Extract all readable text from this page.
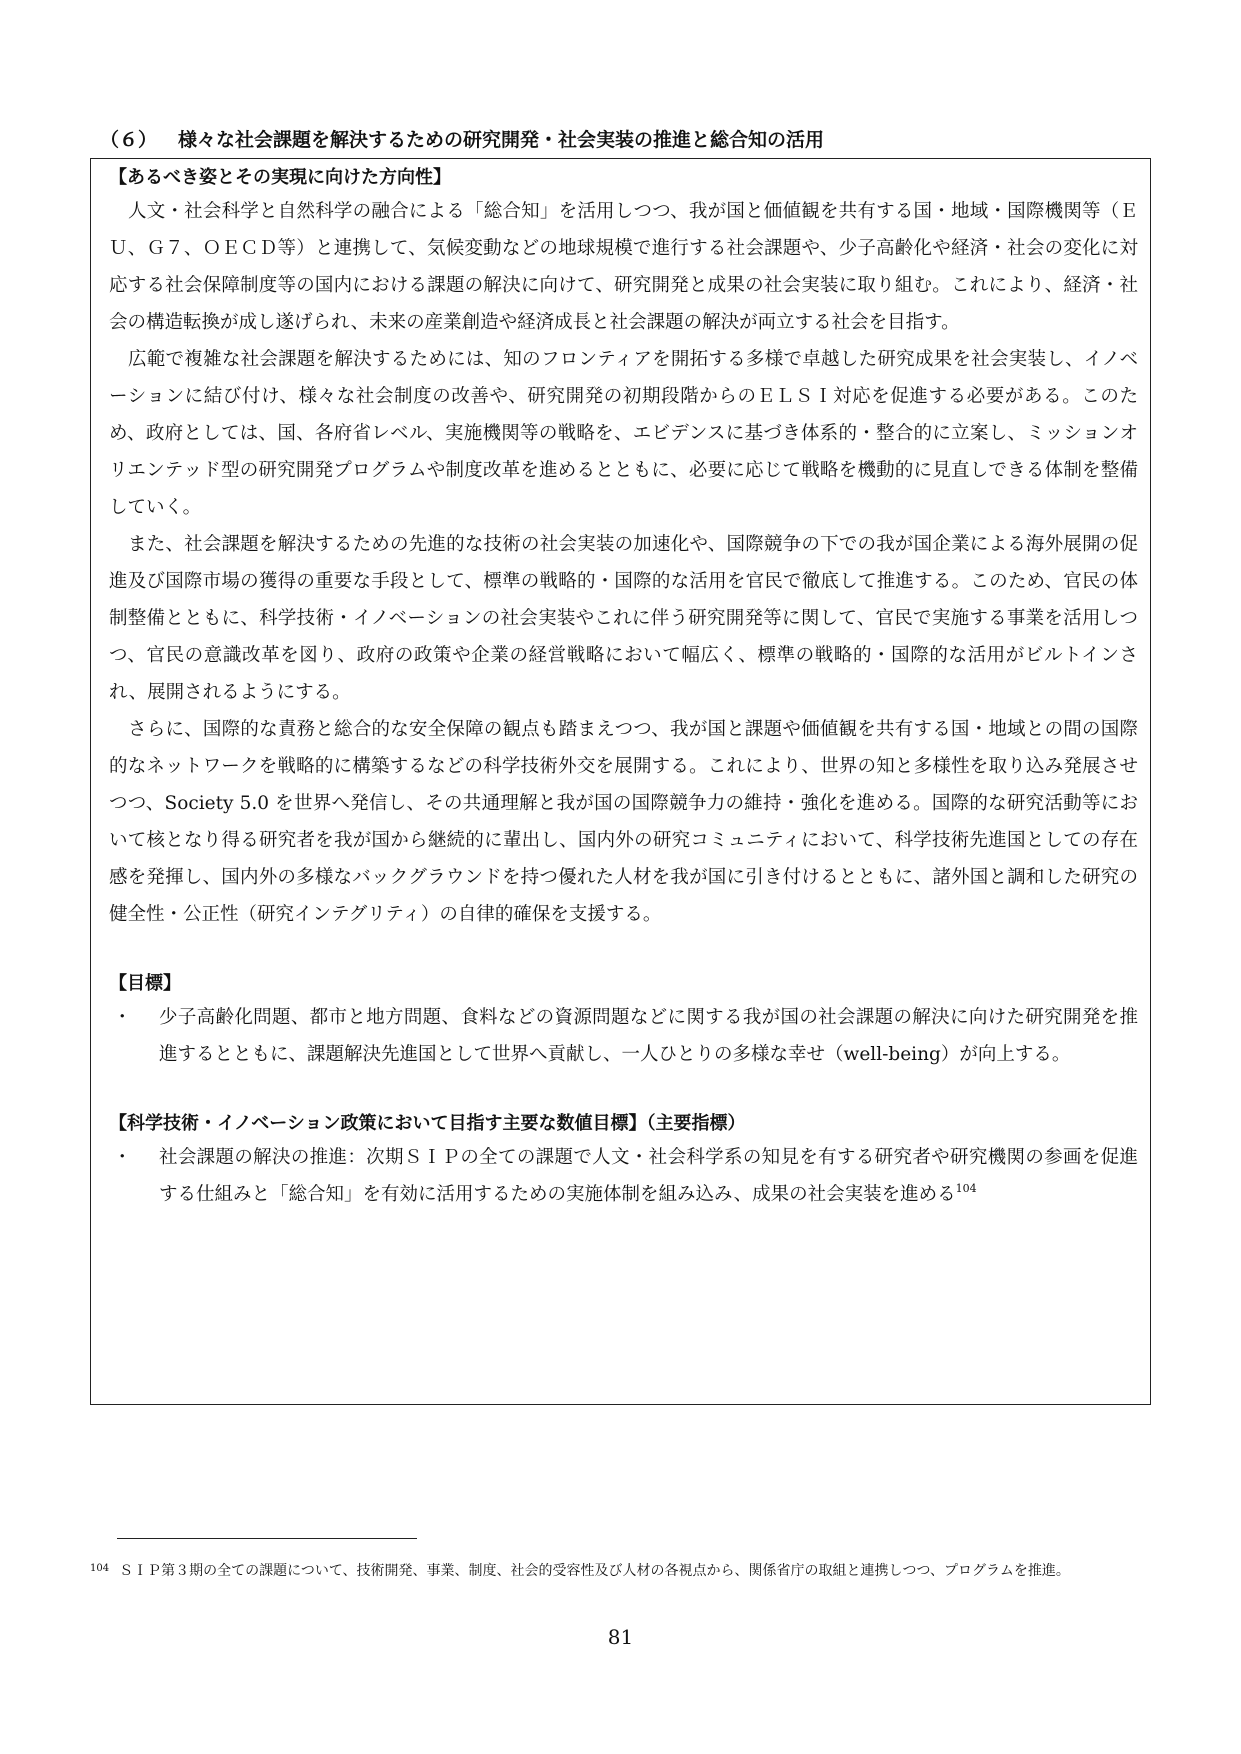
（６） 様々な社会課題を解決するための研究開発・社会実装の推進と総合知の活用

【あるべき姿とその実現に向けた方向性】

人文・社会科学と自然科学の融合による「総合知」を活用しつつ、我が国と価値観を共有する国・地域・国際機関等（ＥＵ、Ｇ７、ＯＥＣＤ等）と連携して、気候変動などの地球規模で進行する社会課題や、少子高齢化や経済・社会の変化に対応する社会保障制度等の国内における課題の解決に向けて、研究開発と成果の社会実装に取り組む。これにより、経済・社会の構造転換が成し遂げられ、未来の産業創造や経済成長と社会課題の解決が両立する社会を目指す。

広範で複雑な社会課題を解決するためには、知のフロンティアを開拓する多様で卓越した研究成果を社会実装し、イノベーションに結び付け、様々な社会制度の改善や、研究開発の初期段階からのＥＬＳＩ対応を促進する必要がある。このため、政府としては、国、各府省レベル、実施機関等の戦略を、エビデンスに基づき体系的・整合的に立案し、ミッションオリエンテッド型の研究開発プログラムや制度改革を進めるとともに、必要に応じて戦略を機動的に見直しできる体制を整備していく。

また、社会課題を解決するための先進的な技術の社会実装の加速化や、国際競争の下での我が国企業による海外展開の促進及び国際市場の獲得の重要な手段として、標準の戦略的・国際的な活用を官民で徹底して推進する。このため、官民の体制整備とともに、科学技術・イノベーションの社会実装やこれに伴う研究開発等に関して、官民で実施する事業を活用しつつ、官民の意識改革を図り、政府の政策や企業の経営戦略において幅広く、標準の戦略的・国際的な活用がビルトインされ、展開されるようにする。

さらに、国際的な責務と総合的な安全保障の観点も踏まえつつ、我が国と課題や価値観を共有する国・地域との間の国際的なネットワークを戦略的に構築するなどの科学技術外交を展開する。これにより、世界の知と多様性を取り込み発展させつつ、Society 5.0 を世界へ発信し、その共通理解と我が国の国際競争力の維持・強化を進める。国際的な研究活動等において核となり得る研究者を我が国から継続的に輩出し、国内外の研究コミュニティにおいて、科学技術先進国としての存在感を発揮し、国内外の多様なバックグラウンドを持つ優れた人材を我が国に引き付けるとともに、諸外国と調和した研究の健全性・公正性（研究インテグリティ）の自律的確保を支援する。

【目標】

・	少子高齢化問題、都市と地方問題、食料などの資源問題などに関する我が国の社会課題の解決に向けた研究開発を推進するとともに、課題解決先進国として世界へ貢献し、一人ひとりの多様な幸せ（well-being）が向上する。

【科学技術・イノベーション政策において目指す主要な数値目標】（主要指標）

・	社会課題の解決の推進：次期ＳＩＰの全ての課題で人文・社会科学系の知見を有する研究者や研究機関の参画を促進する仕組みと「総合知」を有効に活用するための実施体制を組み込み、成果の社会実装を進める$^{104}$
$^{104}$ ＳＩＰ第３期の全ての課題について、技術開発、事業、制度、社会的受容性及び人材の各視点から、関係省庁の取組と連携しつつ、プログラムを推進。
81
